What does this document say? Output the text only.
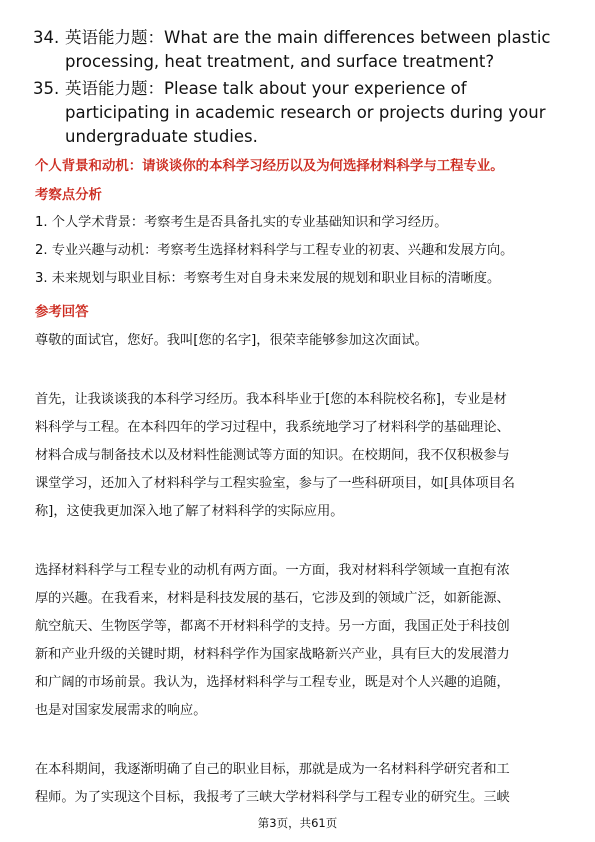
34. 英语能力题：What are the main differences between plastic processing, heat treatment, and surface treatment?
35. 英语能力题：Please talk about your experience of participating in academic research or projects during your undergraduate studies.
个人背景和动机：请谈谈你的本科学习经历以及为何选择材料科学与工程专业。
考察点分析
1. 个人学术背景：考察考生是否具备扎实的专业基础知识和学习经历。
2. 专业兴趣与动机：考察考生选择材料科学与工程专业的初衷、兴趣和发展方向。
3. 未来规划与职业目标：考察考生对自身未来发展的规划和职业目标的清晰度。
参考回答
尊敬的面试官，您好。我叫[您的名字]，很荣幸能够参加这次面试。
首先，让我谈谈我的本科学习经历。我本科毕业于[您的本科院校名称]，专业是材
料科学与工程。在本科四年的学习过程中，我系统地学习了材料科学的基础理论、
材料合成与制备技术以及材料性能测试等方面的知识。在校期间，我不仅积极参与
课堂学习，还加入了材料科学与工程实验室，参与了一些科研项目，如[具体项目名
称]，这使我更加深入地了解了材料科学的实际应用。
选择材料科学与工程专业的动机有两方面。一方面，我对材料科学领域一直抱有浓
厚的兴趣。在我看来，材料是科技发展的基石，它涉及到的领域广泛，如新能源、
航空航天、生物医学等，都离不开材料科学的支持。另一方面，我国正处于科技创
新和产业升级的关键时期，材料科学作为国家战略新兴产业，具有巨大的发展潜力
和广阔的市场前景。我认为，选择材料科学与工程专业，既是对个人兴趣的追随，
也是对国家发展需求的响应。
在本科期间，我逐渐明确了自己的职业目标，那就是成为一名材料科学研究者和工
程师。为了实现这个目标，我报考了三峡大学材料科学与工程专业的研究生。三峡
第3页，共61页
